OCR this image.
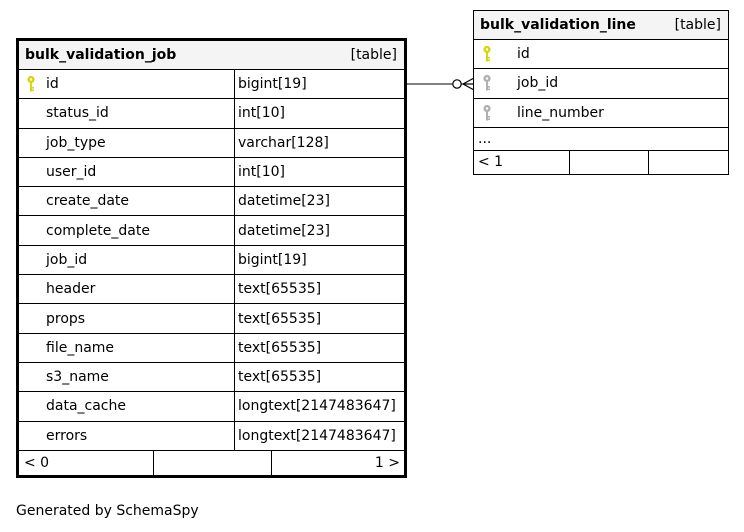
bulk_validation_job	[table]
id	bigint[19]
status_id	int[10]
job_type	varchar[128]
user_id	int[10]
create_date	datetime[23]
complete_date	datetime[23]
job_id	bigint[19]
header	text[65535]
props	text[65535]
file_name	text[65535]
s3_name	text[65535]
data_cache	longtext[2147483647]
errors	longtext[2147483647]
< 0	1 >
bulk_validation_line	[table]
id
job_id
line_number
...
< 1
Generated by SchemaSpy
